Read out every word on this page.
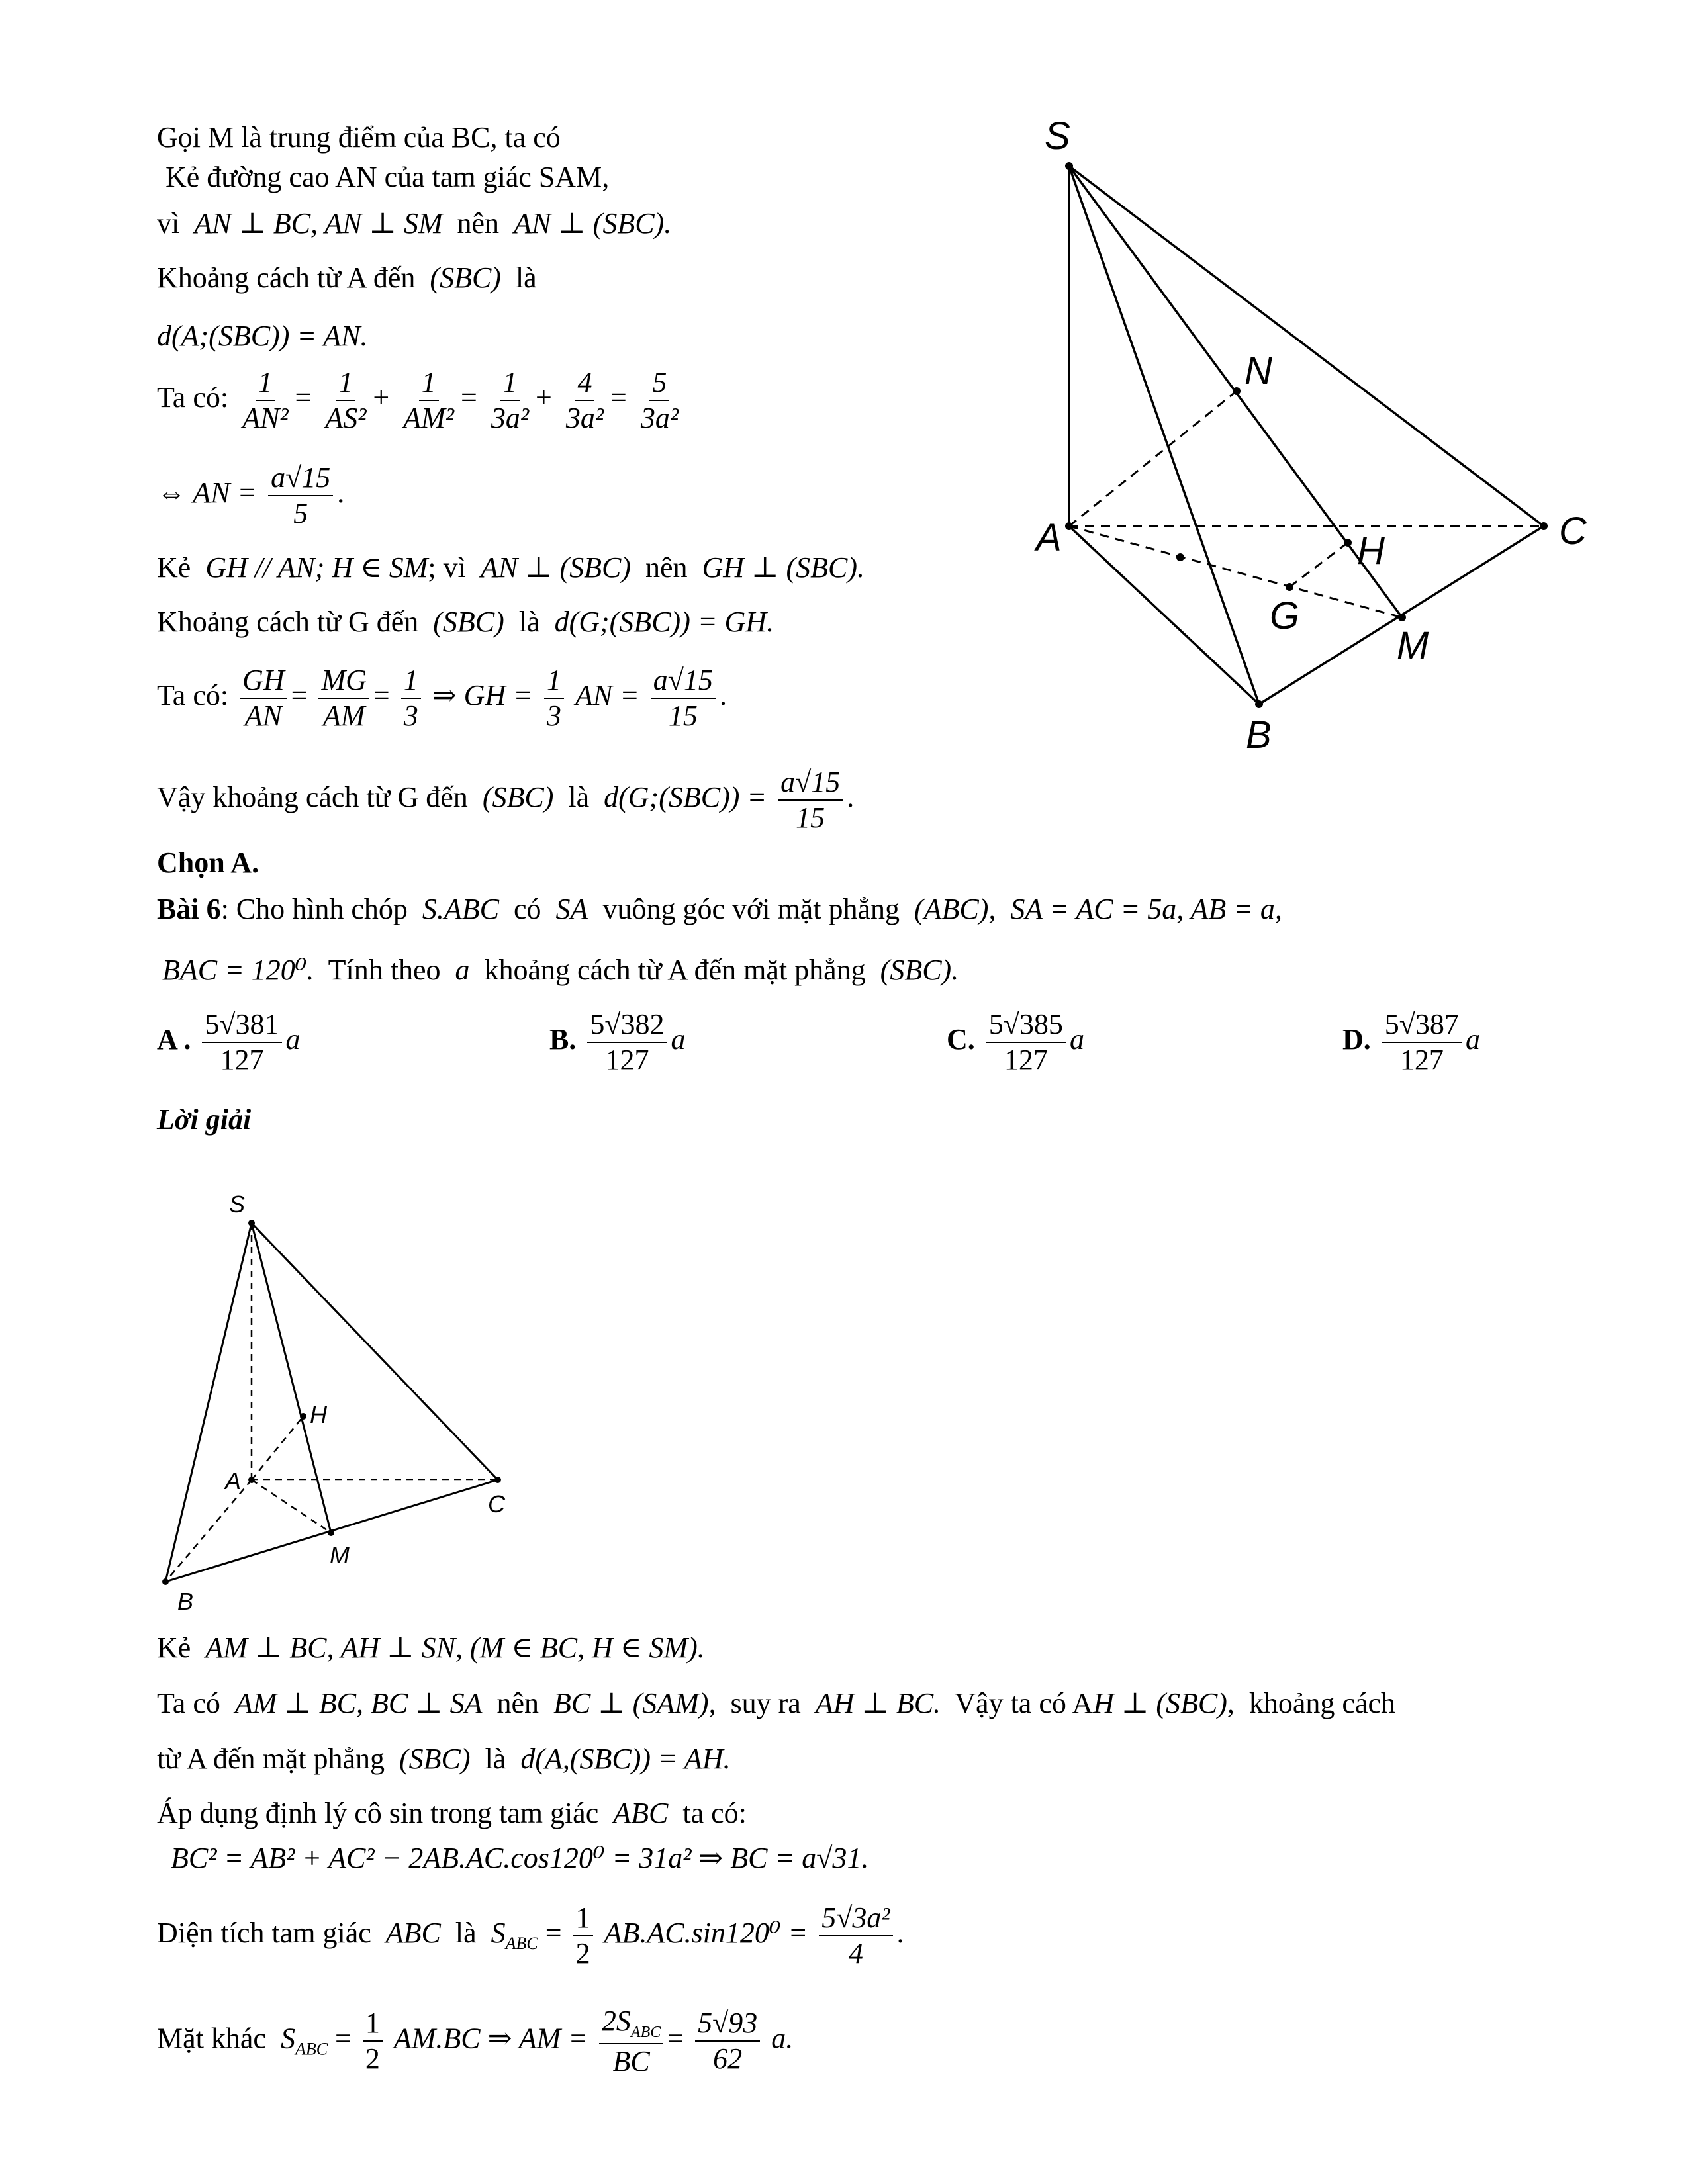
Gọi M là trung điểm của BC, ta có
Kẻ đường cao AN của tam giác SAM,
vì AN ⊥ BC, AN ⊥ SM nên AN ⊥ (SBC).
Khoảng cách từ A đến (SBC) là
d(A;(SBC)) = AN.
Ta có: $\frac{1}{\text{AN²}} = \frac{1}{\text{AS²}} + \frac{1}{\text{AM²}} = \frac{1}{\text{3a²}} + \frac{4}{\text{3a²}} = \frac{5}{\text{3a²}}$
⇔ AN = $\frac{a√15}{5}$ .
Kẻ GH // AN; H ∈ SM; vì AN ⊥ (SBC) nên GH ⊥ (SBC).
Khoảng cách từ G đến (SBC) là d(G;(SBC)) = GH.
Ta có: $\frac{GH}{AN} = \frac{MG}{AM} = \frac{1}{3}$ ⇒ GH = $\frac{1}{3}$ AN = $\frac{a√15}{15}$ .
Vậy khoảng cách từ G đến (SBC) là d(G;(SBC)) = $\frac{a√15}{15}$ .
Chọn A.
Bài 6: Cho hình chóp S.ABC có SA vuông góc với mặt phẳng (ABC), SA = AC = 5a, AB = a,
BAC = 120⁰. Tính theo a khoảng cách từ A đến mặt phẳng (SBC).
A . $\frac{5√381}{127}$ a	B. $\frac{5√382}{127}$ a	C. $\frac{5√385}{127}$ a	D. $\frac{5√387}{127}$ a
Lời giải
Kẻ AM ⊥ BC, AH ⊥ SN, (M ∈ BC, H ∈ SM).
Ta có AM ⊥ BC, BC ⊥ SA nên BC ⊥ (SAM), suy ra AH ⊥ BC. Vậy ta có AH ⊥ (SBC), khoảng cách
từ A đến mặt phẳng (SBC) là d(A,(SBC)) = AH.
Áp dụng định lý cô sin trong tam giác ABC ta có:
BC² = AB² + AC² − 2AB.AC.cos120⁰ = 31a² ⇒ BC = a√31.
Diện tích tam giác ABC là $S_{ABC} = \frac{1}{2} AB.AC.\sin 120^0 = \frac{\text{5√3a²}}{4}$ .
Mặt khác $S_{ABC} = \frac{1}{2} AM.BC$ ⇒ AM = $\frac{2S_{ABC}}{BC} = \frac{5√93}{62} a$.
S
N
A	C
H
G
M
B
S
H
A
C
M
B
